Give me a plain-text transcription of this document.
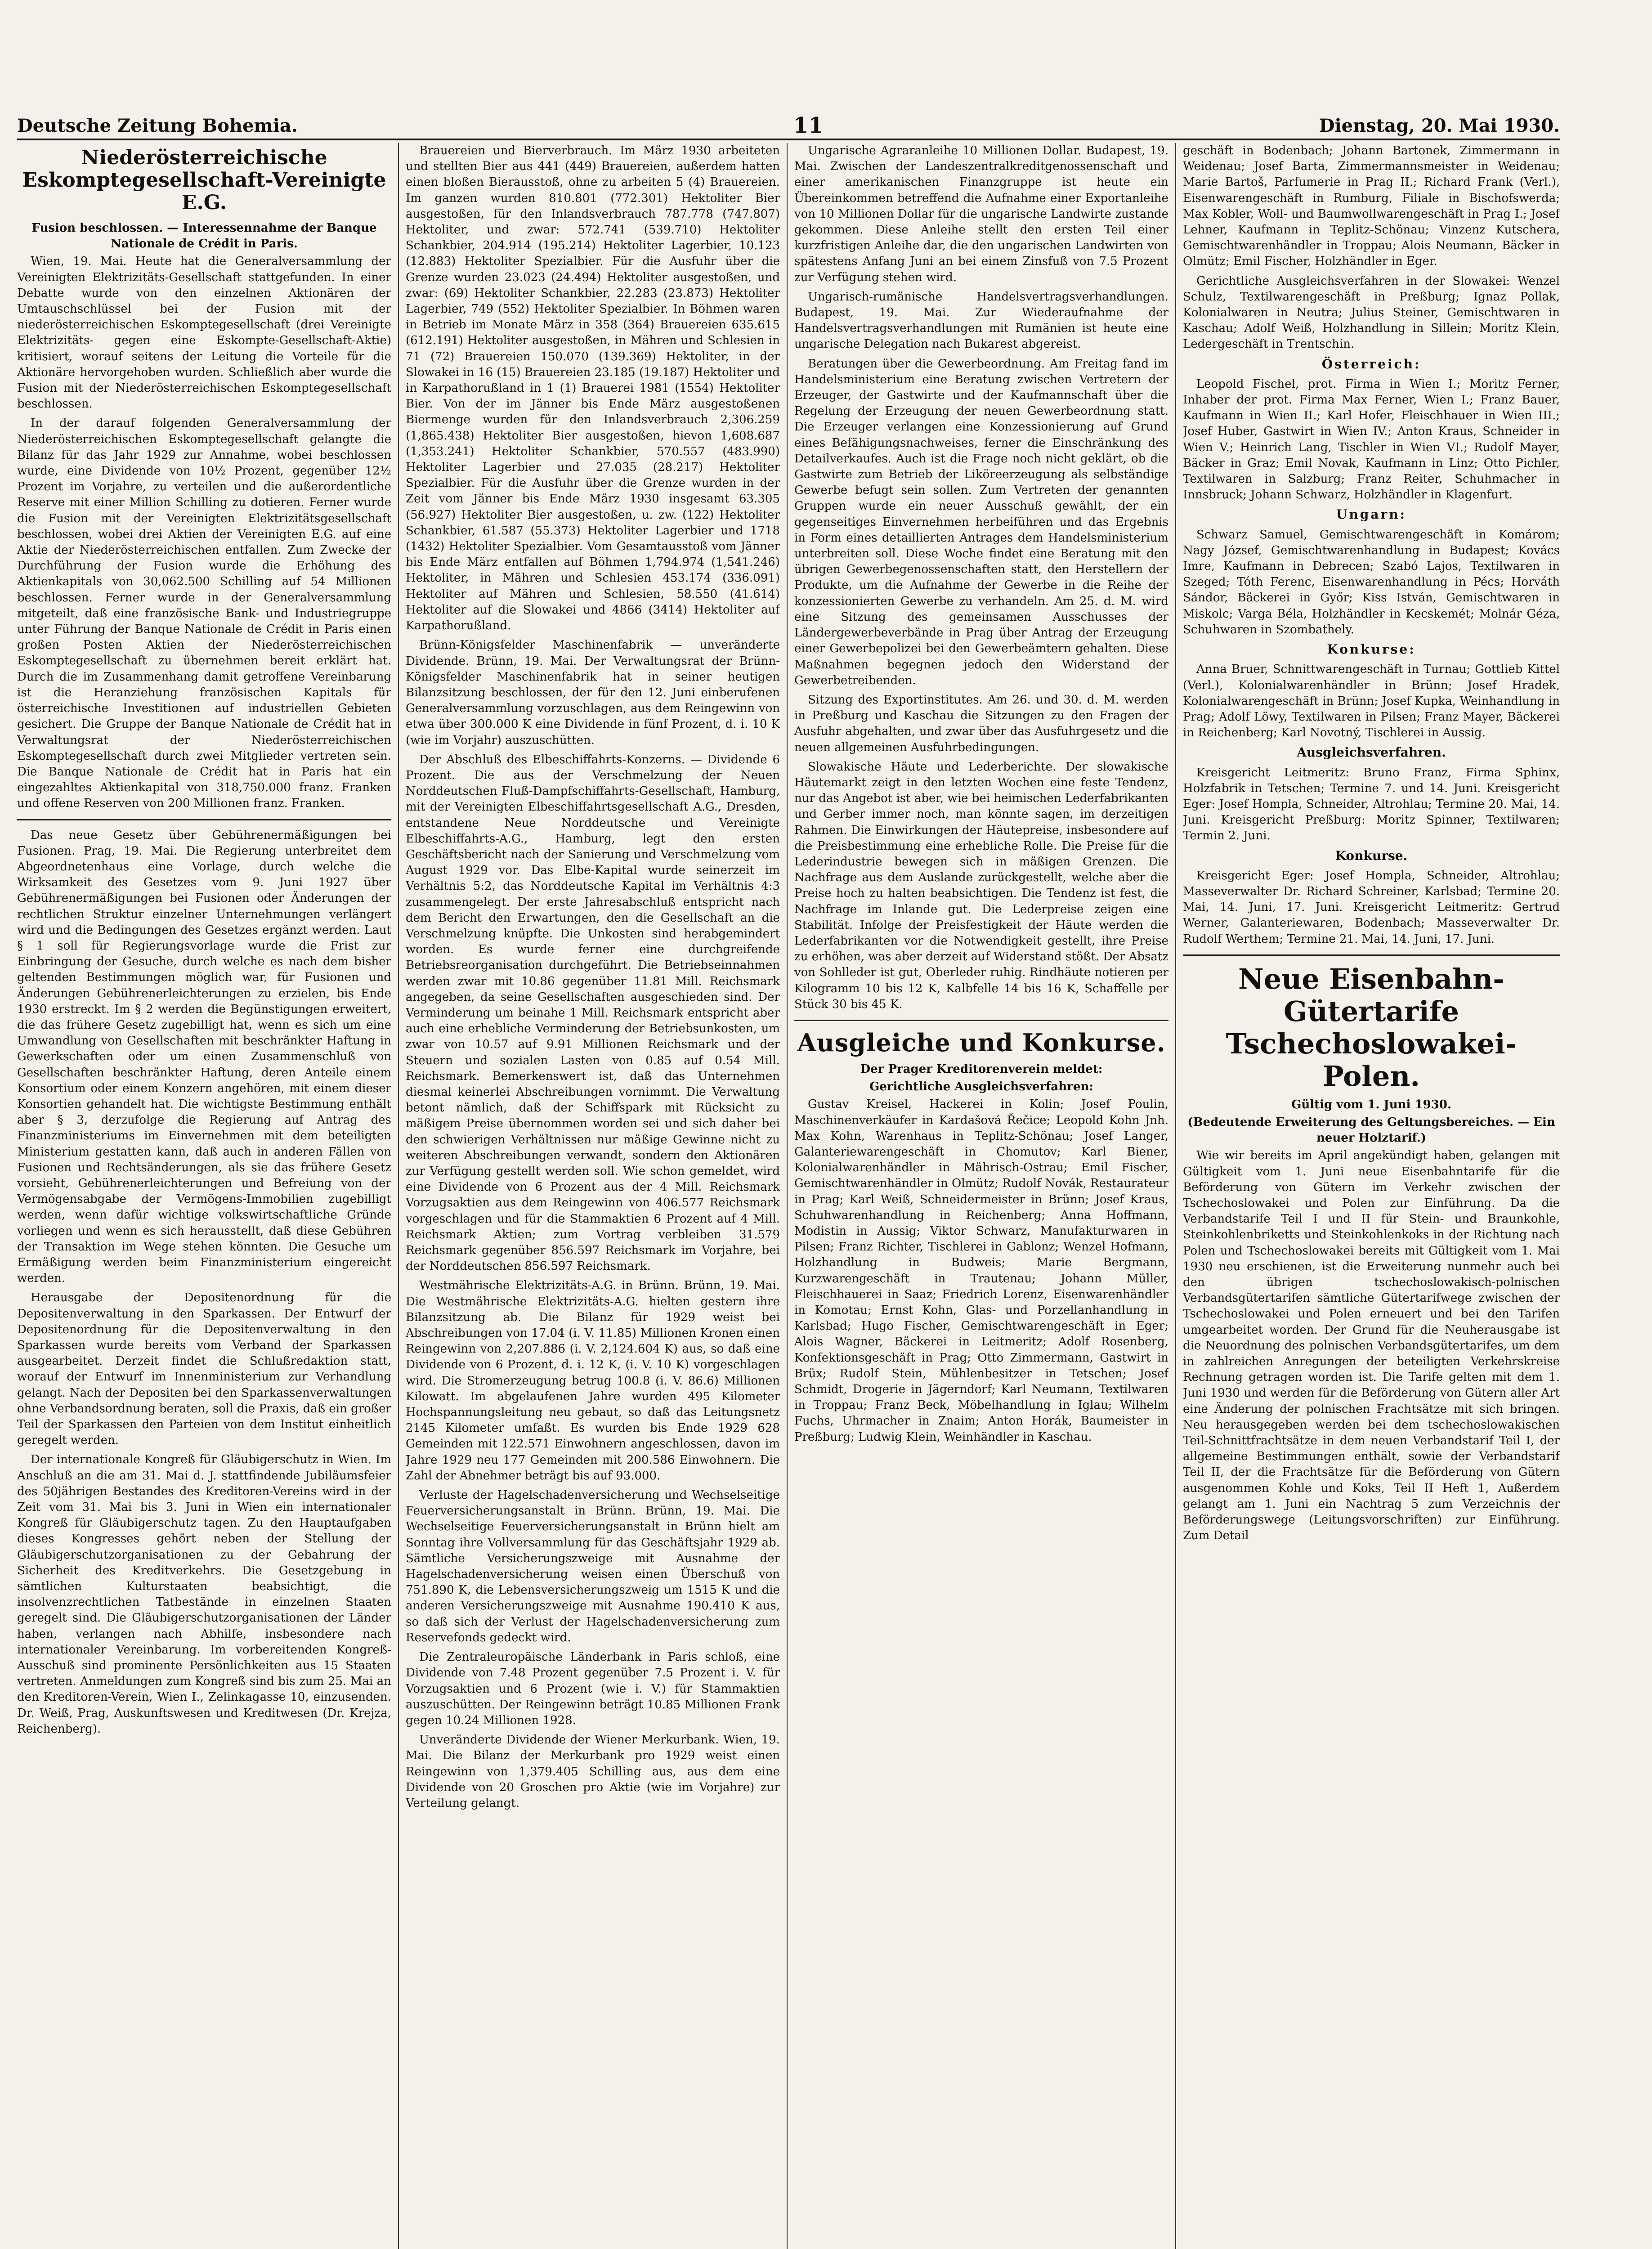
Deutsche Zeitung Bohemia.	11	Dienstag, 20. Mai 1930.
Niederösterreichische Eskomptegesellschaft-Vereinigte E.G.
Fusion beschlossen. — Interessennahme der Banque Nationale de Crédit in Paris.

Wien, 19. Mai. Heute hat die Generalversammlung der Vereinigten Elektrizitäts-Gesellschaft stattgefunden. In einer Debatte wurde von den einzelnen Aktionären der Umtauschschlüssel bei der Fusion mit der niederösterreichischen Eskomptegesellschaft (drei Vereinigte Elektrizitäts- gegen eine Eskompte-Gesellschaft-Aktie) kritisiert, worauf seitens der Leitung die Vorteile für die Aktionäre hervorgehoben wurden. Schließlich aber wurde die Fusion mit der Niederösterreichischen Eskomptegesellschaft beschlossen.

In der darauf folgenden Generalversammlung der Niederösterreichischen Eskomptegesellschaft gelangte die Bilanz für das Jahr 1929 zur Annahme, wobei beschlossen wurde, eine Dividende von 10½ Prozent, gegenüber 12½ Prozent im Vorjahre, zu verteilen und die außerordentliche Reserve mit einer Million Schilling zu dotieren. Ferner wurde die Fusion mit der Vereinigten Elektrizitätsgesellschaft beschlossen, wobei drei Aktien der Vereinigten E.G. auf eine Aktie der Niederösterreichischen entfallen. Zum Zwecke der Durchführung der Fusion wurde die Erhöhung des Aktienkapitals von 30,062.500 Schilling auf 54 Millionen beschlossen. Ferner wurde in der Generalversammlung mitgeteilt, daß eine französische Bank- und Industriegruppe unter Führung der Banque Nationale de Crédit in Paris einen großen Posten Aktien der Niederösterreichischen Eskomptegesellschaft zu übernehmen bereit erklärt hat. Durch die im Zusammenhang damit getroffene Vereinbarung ist die Heranziehung französischen Kapitals für österreichische Investitionen auf industriellen Gebieten gesichert. Die Gruppe der Banque Nationale de Crédit hat in Verwaltungsrat der Niederösterreichischen Eskomptegesellschaft durch zwei Mitglieder vertreten sein. Die Banque Nationale de Crédit hat in Paris hat ein eingezahltes Aktienkapital von 318,750.000 franz. Franken und offene Reserven von 200 Millionen franz. Franken.

Das neue Gesetz über Gebührenermäßigungen bei Fusionen. Prag, 19. Mai. Die Regierung unterbreitet dem Abgeordnetenhaus eine Vorlage, durch welche die Wirksamkeit des Gesetzes vom 9. Juni 1927 über Gebührenermäßigungen bei Fusionen oder Änderungen der rechtlichen Struktur einzelner Unternehmungen verlängert wird und die Bedingungen des Gesetzes ergänzt werden. Laut § 1 soll für Regierungsvorlage wurde die Frist zur Einbringung der Gesuche, durch welche es nach dem bisher geltenden Bestimmungen möglich war, für Fusionen und Änderungen Gebührenerleichterungen zu erzielen, bis Ende 1930 erstreckt. Im § 2 werden die Begünstigungen erweitert, die das frühere Gesetz zugebilligt hat, wenn es sich um eine Umwandlung von Gesellschaften mit beschränkter Haftung in Gewerkschaften oder um einen Zusammenschluß von Gesellschaften beschränkter Haftung, deren Anteile einem Konsortium oder einem Konzern angehören, mit einem dieser Konsortien gehandelt hat. Die wichtigste Bestimmung enthält aber § 3, derzufolge die Regierung auf Antrag des Finanzministeriums im Einvernehmen mit dem beteiligten Ministerium gestatten kann, daß auch in anderen Fällen von Fusionen und Rechtsänderungen, als sie das frühere Gesetz vorsieht, Gebührenerleichterungen und Befreiung von der Vermögensabgabe der Vermögens-Immobilien zugebilligt werden, wenn dafür wichtige volkswirtschaftliche Gründe vorliegen und wenn es sich herausstellt, daß diese Gebühren der Transaktion im Wege stehen könnten. Die Gesuche um Ermäßigung werden beim Finanzministerium eingereicht werden.

Herausgabe der Depositenordnung für die Depositenverwaltung in den Sparkassen. Der Entwurf der Depositenordnung für die Depositenverwaltung in den Sparkassen wurde bereits vom Verband der Sparkassen ausgearbeitet. Derzeit findet die Schlußredaktion statt, worauf der Entwurf im Innenministerium zur Verhandlung gelangt. Nach der Depositen bei den Sparkassenverwaltungen ohne Verbandsordnung beraten, soll die Praxis, daß ein großer Teil der Sparkassen den Parteien von dem Institut einheitlich geregelt werden.

Der internationale Kongreß für Gläubigerschutz in Wien. Im Anschluß an die am 31. Mai d. J. stattfindende Jubiläumsfeier des 50jährigen Bestandes des Kreditoren-Vereins wird in der Zeit vom 31. Mai bis 3. Juni in Wien ein internationaler Kongreß für Gläubigerschutz tagen. Zu den Hauptaufgaben dieses Kongresses gehört neben der Stellung der Gläubigerschutzorganisationen zu der Gebahrung der Sicherheit des Kreditverkehrs. Die Gesetzgebung in sämtlichen Kulturstaaten beabsichtigt, die insolvenzrechtlichen Tatbestände in einzelnen Staaten geregelt sind. Die Gläubigerschutzorganisationen der Länder haben, verlangen nach Abhilfe, insbesondere nach internationaler Vereinbarung. Im vorbereitenden Kongreß-Ausschuß sind prominente Persönlichkeiten aus 15 Staaten vertreten. Anmeldungen zum Kongreß sind bis zum 25. Mai an den Kreditoren-Verein, Wien I., Zelinkagasse 10, einzusenden. Dr. Weiß, Prag, Auskunftswesen und Kreditwesen (Dr. Krejza, Reichenberg).

Brauereien und Bierverbrauch. Im März 1930 arbeiteten und stellten Bier aus 441 (449) Brauereien, außerdem hatten einen bloßen Bierausstoß, ohne zu arbeiten 5 (4) Brauereien. Im ganzen wurden 810.801 (772.301) Hektoliter Bier ausgestoßen, für den Inlandsverbrauch 787.778 (747.807) Hektoliter, und zwar: 572.741 (539.710) Hektoliter Schankbier, 204.914 (195.214) Hektoliter Lagerbier, 10.123 (12.883) Hektoliter Spezialbier. Für die Ausfuhr über die Grenze wurden 23.023 (24.494) Hektoliter ausgestoßen, und zwar: (69) Hektoliter Schankbier, 22.283 (23.873) Hektoliter Lagerbier, 749 (552) Hektoliter Spezialbier. In Böhmen waren in Betrieb im Monate März in 358 (364) Brauereien 635.615 (612.191) Hektoliter ausgestoßen, in Mähren und Schlesien in 71 (72) Brauereien 150.070 (139.369) Hektoliter, in der Slowakei in 16 (15) Brauereien 23.185 (19.187) Hektoliter und in Karpathorußland in 1 (1) Brauerei 1981 (1554) Hektoliter Bier. Von der im Jänner bis Ende März ausgestoßenen Biermenge wurden für den Inlandsverbrauch 2,306.259 (1,865.438) Hektoliter Bier ausgestoßen, hievon 1,608.687 (1,353.241) Hektoliter Schankbier, 570.557 (483.990) Hektoliter Lagerbier und 27.035 (28.217) Hektoliter Spezialbier. Für die Ausfuhr über die Grenze wurden in der Zeit vom Jänner bis Ende März 1930 insgesamt 63.305 (56.927) Hektoliter Bier ausgestoßen, u. zw. (122) Hektoliter Schankbier, 61.587 (55.373) Hektoliter Lagerbier und 1718 (1432) Hektoliter Spezialbier. Vom Gesamtausstoß vom Jänner bis Ende März entfallen auf Böhmen 1,794.974 (1,541.246) Hektoliter, in Mähren und Schlesien 453.174 (336.091) Hektoliter auf Mähren und Schlesien, 58.550 (41.614) Hektoliter auf die Slowakei und 4866 (3414) Hektoliter auf Karpathorußland.

Brünn-Königsfelder Maschinenfabrik — unveränderte Dividende. Brünn, 19. Mai. Der Verwaltungsrat der Brünn-Königsfelder Maschinenfabrik hat in seiner heutigen Bilanzsitzung beschlossen, der für den 12. Juni einberufenen Generalversammlung vorzuschlagen, aus dem Reingewinn von etwa über 300.000 K eine Dividende in fünf Prozent, d. i. 10 K (wie im Vorjahr) auszuschütten.

Der Abschluß des Elbeschiffahrts-Konzerns. — Dividende 6 Prozent. Die aus der Verschmelzung der Neuen Norddeutschen Fluß-Dampfschiffahrts-Gesellschaft, Hamburg, mit der Vereinigten Elbeschiffahrtsgesellschaft A.G., Dresden, entstandene Neue Norddeutsche und Vereinigte Elbeschiffahrts-A.G., Hamburg, legt den ersten Geschäftsbericht nach der Sanierung und Verschmelzung vom August 1929 vor. Das Elbe-Kapital wurde seinerzeit im Verhältnis 5:2, das Norddeutsche Kapital im Verhältnis 4:3 zusammengelegt. Der erste Jahresabschluß entspricht nach dem Bericht den Erwartungen, den die Gesellschaft an die Verschmelzung knüpfte. Die Unkosten sind herabgemindert worden. Es wurde ferner eine durchgreifende Betriebsreorganisation durchgeführt. Die Betriebseinnahmen werden zwar mit 10.86 gegenüber 11.81 Mill. Reichsmark angegeben, da seine Gesellschaften ausgeschieden sind. Der Verminderung um beinahe 1 Mill. Reichsmark entspricht aber auch eine erhebliche Verminderung der Betriebsunkosten, um zwar von 10.57 auf 9.91 Millionen Reichsmark und der Steuern und sozialen Lasten von 0.85 auf 0.54 Mill. Reichsmark. Bemerkenswert ist, daß das Unternehmen diesmal keinerlei Abschreibungen vornimmt. Die Verwaltung betont nämlich, daß der Schiffspark mit Rücksicht zu mäßigem Preise übernommen worden sei und sich daher bei den schwierigen Verhältnissen nur mäßige Gewinne nicht zu weiteren Abschreibungen verwandt, sondern den Aktionären zur Verfügung gestellt werden soll. Wie schon gemeldet, wird eine Dividende von 6 Prozent aus der 4 Mill. Reichsmark Vorzugsaktien aus dem Reingewinn von 406.577 Reichsmark vorgeschlagen und für die Stammaktien 6 Prozent auf 4 Mill. Reichsmark Aktien; zum Vortrag verbleiben 31.579 Reichsmark gegenüber 856.597 Reichsmark im Vorjahre, bei der Norddeutschen 856.597 Reichsmark.

Westmährische Elektrizitäts-A.G. in Brünn. Brünn, 19. Mai. Die Westmährische Elektrizitäts-A.G. hielten gestern ihre Bilanzsitzung ab. Die Bilanz für 1929 weist bei Abschreibungen von 17.04 (i. V. 11.85) Millionen Kronen einen Reingewinn von 2,207.886 (i. V. 2,124.604 K) aus, so daß eine Dividende von 6 Prozent, d. i. 12 K, (i. V. 10 K) vorgeschlagen wird. Die Stromerzeugung betrug 100.8 (i. V. 86.6) Millionen Kilowatt. Im abgelaufenen Jahre wurden 495 Kilometer Hochspannungsleitung neu gebaut, so daß das Leitungsnetz 2145 Kilometer umfaßt. Es wurden bis Ende 1929 628 Gemeinden mit 122.571 Einwohnern angeschlossen, davon im Jahre 1929 neu 177 Gemeinden mit 200.586 Einwohnern. Die Zahl der Abnehmer beträgt bis auf 93.000.

Verluste der Hagelschadenversicherung und Wechselseitige Feuerversicherungsanstalt in Brünn. Brünn, 19. Mai. Die Wechselseitige Feuerversicherungsanstalt in Brünn hielt am Sonntag ihre Vollversammlung für das Geschäftsjahr 1929 ab. Sämtliche Versicherungszweige mit Ausnahme der Hagelschadenversicherung weisen einen Überschuß von 751.890 K, die Lebensversicherungszweig um 1515 K und die anderen Versicherungszweige mit Ausnahme 190.410 K aus, so daß sich der Verlust der Hagelschadenversicherung zum Reservefonds gedeckt wird.

Die Zentraleuropäische Länderbank in Paris schloß, eine Dividende von 7.48 Prozent gegenüber 7.5 Prozent i. V. für Vorzugsaktien und 6 Prozent (wie i. V.) für Stammaktien auszuschütten. Der Reingewinn beträgt 10.85 Millionen Frank gegen 10.24 Millionen 1928.

Unveränderte Dividende der Wiener Merkurbank. Wien, 19. Mai. Die Bilanz der Merkurbank pro 1929 weist einen Reingewinn von 1,379.405 Schilling aus, aus dem eine Dividende von 20 Groschen pro Aktie (wie im Vorjahre) zur Verteilung gelangt.

Ungarische Agraranleihe 10 Millionen Dollar. Budapest, 19. Mai. Zwischen der Landeszentralkreditgenossenschaft und einer amerikanischen Finanzgruppe ist heute ein Übereinkommen betreffend die Aufnahme einer Exportanleihe von 10 Millionen Dollar für die ungarische Landwirte zustande gekommen. Diese Anleihe stellt den ersten Teil einer kurzfristigen Anleihe dar, die den ungarischen Landwirten von spätestens Anfang Juni an bei einem Zinsfuß von 7.5 Prozent zur Verfügung stehen wird.

Ungarisch-rumänische Handelsvertragsverhandlungen. Budapest, 19. Mai. Zur Wiederaufnahme der Handelsvertragsverhandlungen mit Rumänien ist heute eine ungarische Delegation nach Bukarest abgereist.

Beratungen über die Gewerbeordnung. Am Freitag fand im Handelsministerium eine Beratung zwischen Vertretern der Erzeuger, der Gastwirte und der Kaufmannschaft über die Regelung der Erzeugung der neuen Gewerbeordnung statt. Die Erzeuger verlangen eine Konzessionierung auf Grund eines Befähigungsnachweises, ferner die Einschränkung des Detailverkaufes. Auch ist die Frage noch nicht geklärt, ob die Gastwirte zum Betrieb der Liköreerzeugung als selbständige Gewerbe befugt sein sollen. Zum Vertreten der genannten Gruppen wurde ein neuer Ausschuß gewählt, der ein gegenseitiges Einvernehmen herbeiführen und das Ergebnis in Form eines detaillierten Antrages dem Handelsministerium unterbreiten soll. Diese Woche findet eine Beratung mit den übrigen Gewerbegenossenschaften statt, den Herstellern der Produkte, um die Aufnahme der Gewerbe in die Reihe der konzessionierten Gewerbe zu verhandeln. Am 25. d. M. wird eine Sitzung des gemeinsamen Ausschusses der Ländergewerbeverbände in Prag über Antrag der Erzeugung einer Gewerbepolizei bei den Gewerbeämtern gehalten. Diese Maßnahmen begegnen jedoch den Widerstand der Gewerbetreibenden.

Sitzung des Exportinstitutes. Am 26. und 30. d. M. werden in Preßburg und Kaschau die Sitzungen zu den Fragen der Ausfuhr abgehalten, und zwar über das Ausfuhrgesetz und die neuen allgemeinen Ausfuhrbedingungen.

Slowakische Häute und Lederberichte. Der slowakische Häutemarkt zeigt in den letzten Wochen eine feste Tendenz, nur das Angebot ist aber, wie bei heimischen Lederfabrikanten und Gerber immer noch, man könnte sagen, im derzeitigen Rahmen. Die Einwirkungen der Häutepreise, insbesondere auf die Preisbestimmung eine erhebliche Rolle. Die Preise für die Lederindustrie bewegen sich in mäßigen Grenzen. Die Nachfrage aus dem Auslande zurückgestellt, welche aber die Preise hoch zu halten beabsichtigen. Die Tendenz ist fest, die Nachfrage im Inlande gut. Die Lederpreise zeigen eine Stabilität. Infolge der Preisfestigkeit der Häute werden die Lederfabrikanten vor die Notwendigkeit gestellt, ihre Preise zu erhöhen, was aber derzeit auf Widerstand stößt. Der Absatz von Sohlleder ist gut, Oberleder ruhig. Rindhäute notieren per Kilogramm 10 bis 12 K, Kalbfelle 14 bis 16 K, Schaffelle per Stück 30 bis 45 K.

Ausgleiche und Konkurse.
Der Prager Kreditorenverein meldet:
Gerichtliche Ausgleichsverfahren:

Gustav Kreisel, Hackerei in Kolin; Josef Poulin, Maschinenverkäufer in Kardašová Řečice; Leopold Kohn Jnh. Max Kohn, Warenhaus in Teplitz-Schönau; Josef Langer, Galanteriewarengeschäft in Chomutov; Karl Biener, Kolonialwarenhändler in Mährisch-Ostrau; Emil Fischer, Gemischtwarenhändler in Olmütz; Rudolf Novák, Restaurateur in Prag; Karl Weiß, Schneidermeister in Brünn; Josef Kraus, Schuhwarenhandlung in Reichenberg; Anna Hoffmann, Modistin in Aussig; Viktor Schwarz, Manufakturwaren in Pilsen; Franz Richter, Tischlerei in Gablonz; Wenzel Hofmann, Holzhandlung in Budweis; Marie Bergmann, Kurzwarengeschäft in Trautenau; Johann Müller, Fleischhauerei in Saaz; Friedrich Lorenz, Eisenwarenhändler in Komotau; Ernst Kohn, Glas- und Porzellanhandlung in Karlsbad; Hugo Fischer, Gemischtwarengeschäft in Eger; Alois Wagner, Bäckerei in Leitmeritz; Adolf Rosenberg, Konfektionsgeschäft in Prag; Otto Zimmermann, Gastwirt in Brüx; Rudolf Stein, Mühlenbesitzer in Tetschen; Josef Schmidt, Drogerie in Jägerndorf; Karl Neumann, Textilwaren in Troppau; Franz Beck, Möbelhandlung in Iglau; Wilhelm Fuchs, Uhrmacher in Znaim; Anton Horák, Baumeister in Preßburg; Ludwig Klein, Weinhändler in Kaschau.

geschäft in Bodenbach; Johann Bartonek, Zimmermann in Weidenau; Josef Barta, Zimmermannsmeister in Weidenau; Marie Bartoš, Parfumerie in Prag II.; Richard Frank (Verl.), Eisenwarengeschäft in Rumburg, Filiale in Bischofswerda; Max Kobler, Woll- und Baumwollwarengeschäft in Prag I.; Josef Lehner, Kaufmann in Teplitz-Schönau; Vinzenz Kutschera, Gemischtwarenhändler in Troppau; Alois Neumann, Bäcker in Olmütz; Emil Fischer, Holzhändler in Eger.

Gerichtliche Ausgleichsverfahren in der Slowakei: Wenzel Schulz, Textilwarengeschäft in Preßburg; Ignaz Pollak, Kolonialwaren in Neutra; Julius Steiner, Gemischtwaren in Kaschau; Adolf Weiß, Holzhandlung in Sillein; Moritz Klein, Ledergeschäft in Trentschin.

Österreich:

Leopold Fischel, prot. Firma in Wien I.; Moritz Ferner, Inhaber der prot. Firma Max Ferner, Wien I.; Franz Bauer, Kaufmann in Wien II.; Karl Hofer, Fleischhauer in Wien III.; Josef Huber, Gastwirt in Wien IV.; Anton Kraus, Schneider in Wien V.; Heinrich Lang, Tischler in Wien VI.; Rudolf Mayer, Bäcker in Graz; Emil Novak, Kaufmann in Linz; Otto Pichler, Textilwaren in Salzburg; Franz Reiter, Schuhmacher in Innsbruck; Johann Schwarz, Holzhändler in Klagenfurt.

Ungarn:

Schwarz Samuel, Gemischtwarengeschäft in Komárom; Nagy József, Gemischtwarenhandlung in Budapest; Kovács Imre, Kaufmann in Debrecen; Szabó Lajos, Textilwaren in Szeged; Tóth Ferenc, Eisenwarenhandlung in Pécs; Horváth Sándor, Bäckerei in Győr; Kiss István, Gemischtwaren in Miskolc; Varga Béla, Holzhändler in Kecskemét; Molnár Géza, Schuhwaren in Szombathely.

Konkurse:

Anna Bruer, Schnittwarengeschäft in Turnau; Gottlieb Kittel (Verl.), Kolonialwarenhändler in Brünn; Josef Hradek, Kolonialwarengeschäft in Brünn; Josef Kupka, Weinhandlung in Prag; Adolf Löwy, Textilwaren in Pilsen; Franz Mayer, Bäckerei in Reichenberg; Karl Novotný, Tischlerei in Aussig.

Ausgleichsverfahren.

Kreisgericht Leitmeritz: Bruno Franz, Firma Sphinx, Holzfabrik in Tetschen; Termine 7. und 14. Juni. Kreisgericht Eger: Josef Hompla, Schneider, Altrohlau; Termine 20. Mai, 14. Juni. Kreisgericht Preßburg: Moritz Spinner, Textilwaren; Termin 2. Juni.

Konkurse.

Kreisgericht Eger: Josef Hompla, Schneider, Altrohlau; Masseverwalter Dr. Richard Schreiner, Karlsbad; Termine 20. Mai, 14. Juni, 17. Juni. Kreisgericht Leitmeritz: Gertrud Werner, Galanteriewaren, Bodenbach; Masseverwalter Dr. Rudolf Werthem; Termine 21. Mai, 14. Juni, 17. Juni.

Neue Eisenbahn-Gütertarife Tschechoslowakei-Polen.
Gültig vom 1. Juni 1930.
(Bedeutende Erweiterung des Geltungsbereiches. — Ein neuer Holztarif.)

Wie wir bereits im April angekündigt haben, gelangen mit Gültigkeit vom 1. Juni neue Eisenbahntarife für die Beförderung von Gütern im Verkehr zwischen der Tschechoslowakei und Polen zur Einführung. Da die Verbandstarife Teil I und II für Stein- und Braunkohle, Steinkohlenbriketts und Steinkohlenkoks in der Richtung nach Polen und Tschechoslowakei bereits mit Gültigkeit vom 1. Mai 1930 neu erschienen, ist die Erweiterung nunmehr auch bei den übrigen tschechoslowakisch-polnischen Verbandsgütertarifen sämtliche Gütertarifwege zwischen der Tschechoslowakei und Polen erneuert und bei den Tarifen umgearbeitet worden. Der Grund für die Neuherausgabe ist die Neuordnung des polnischen Verbandsgütertarifes, um dem in zahlreichen Anregungen der beteiligten Verkehrskreise Rechnung getragen worden ist. Die Tarife gelten mit dem 1. Juni 1930 und werden für die Beförderung von Gütern aller Art eine Änderung der polnischen Frachtsätze mit sich bringen. Neu herausgegeben werden bei dem tschechoslowakischen Teil-Schnittfrachtsätze in dem neuen Verbandstarif Teil I, der allgemeine Bestimmungen enthält, sowie der Verbandstarif Teil II, der die Frachtsätze für die Beförderung von Gütern ausgenommen Kohle und Koks, Teil II Heft 1, Außerdem gelangt am 1. Juni ein Nachtrag 5 zum Verzeichnis der Beförderungswege (Leitungsvorschriften) zur Einführung. Zum Detail
